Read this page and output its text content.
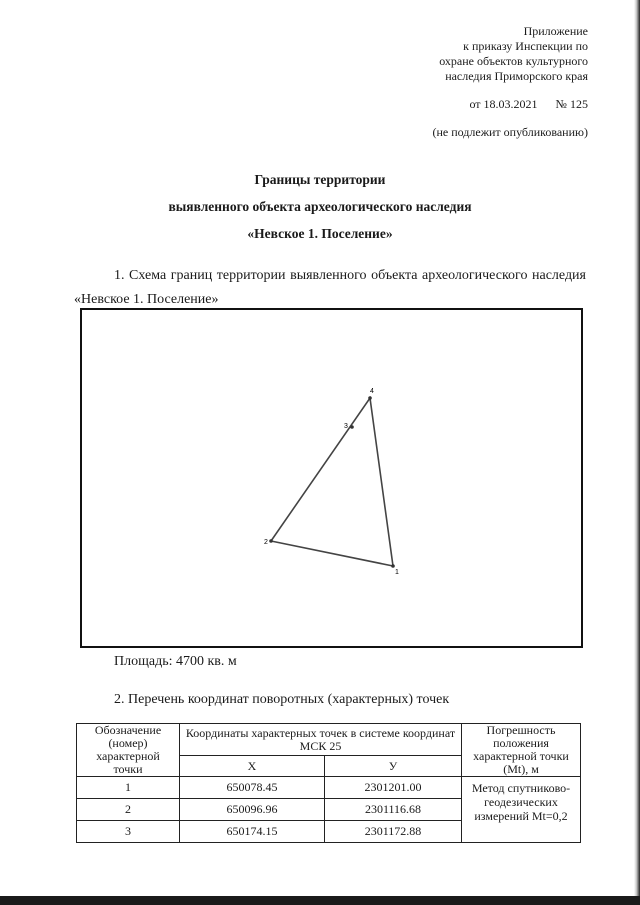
Приложение
к приказу Инспекции по
охране объектов культурного
наследия Приморского края
от 18.03.2021 № 125
(не подлежит опубликованию)
Границы территории
выявленного объекта археологического наследия
«Невское 1. Поселение»
1. Схема границ территории выявленного объекта археологического наследия «Невское 1. Поселение»
1
2
3
4
Площадь: 4700 кв. м
2. Перечень координат поворотных (характерных) точек
Обозначение (номер) характерной точки	Координаты характерных точек в системе координат МСК 25		Погрешность положения характерной точки (Mt), м
	X	У	
1	650078.45	2301201.00	Метод спутниково-геодезических измерений Mt=0,2
2	650096.96	2301116.68	
3	650174.15	2301172.88	
